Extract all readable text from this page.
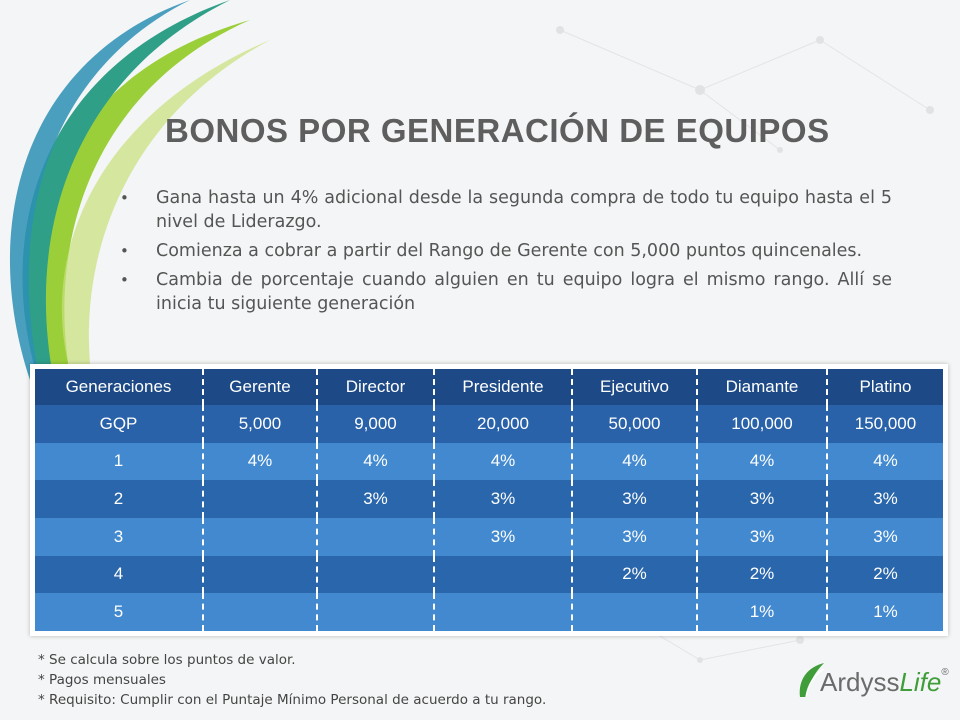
BONOS POR GENERACIÓN DE EQUIPOS
• Gana hasta un 4% adicional desde la segunda compra de todo tu equipo hasta el 5 nivel de Liderazgo.
• Comienza a cobrar a partir del Rango de Gerente con 5,000 puntos quincenales.
• Cambia de porcentaje cuando alguien en tu equipo logra el mismo rango. Allí se inicia tu siguiente generación
Generaciones	Gerente	Director	Presidente	Ejecutivo	Diamante	Platino
GQP	5,000	9,000	20,000	50,000	100,000	150,000
1	4%	4%	4%	4%	4%	4%
2		3%	3%	3%	3%	3%
3			3%	3%	3%	3%
4				2%	2%	2%
5					1%	1%
* Se calcula sobre los puntos de valor.
* Pagos mensuales
* Requisito: Cumplir con el Puntaje Mínimo Personal de acuerdo a tu rango.
ArdyssLife®
